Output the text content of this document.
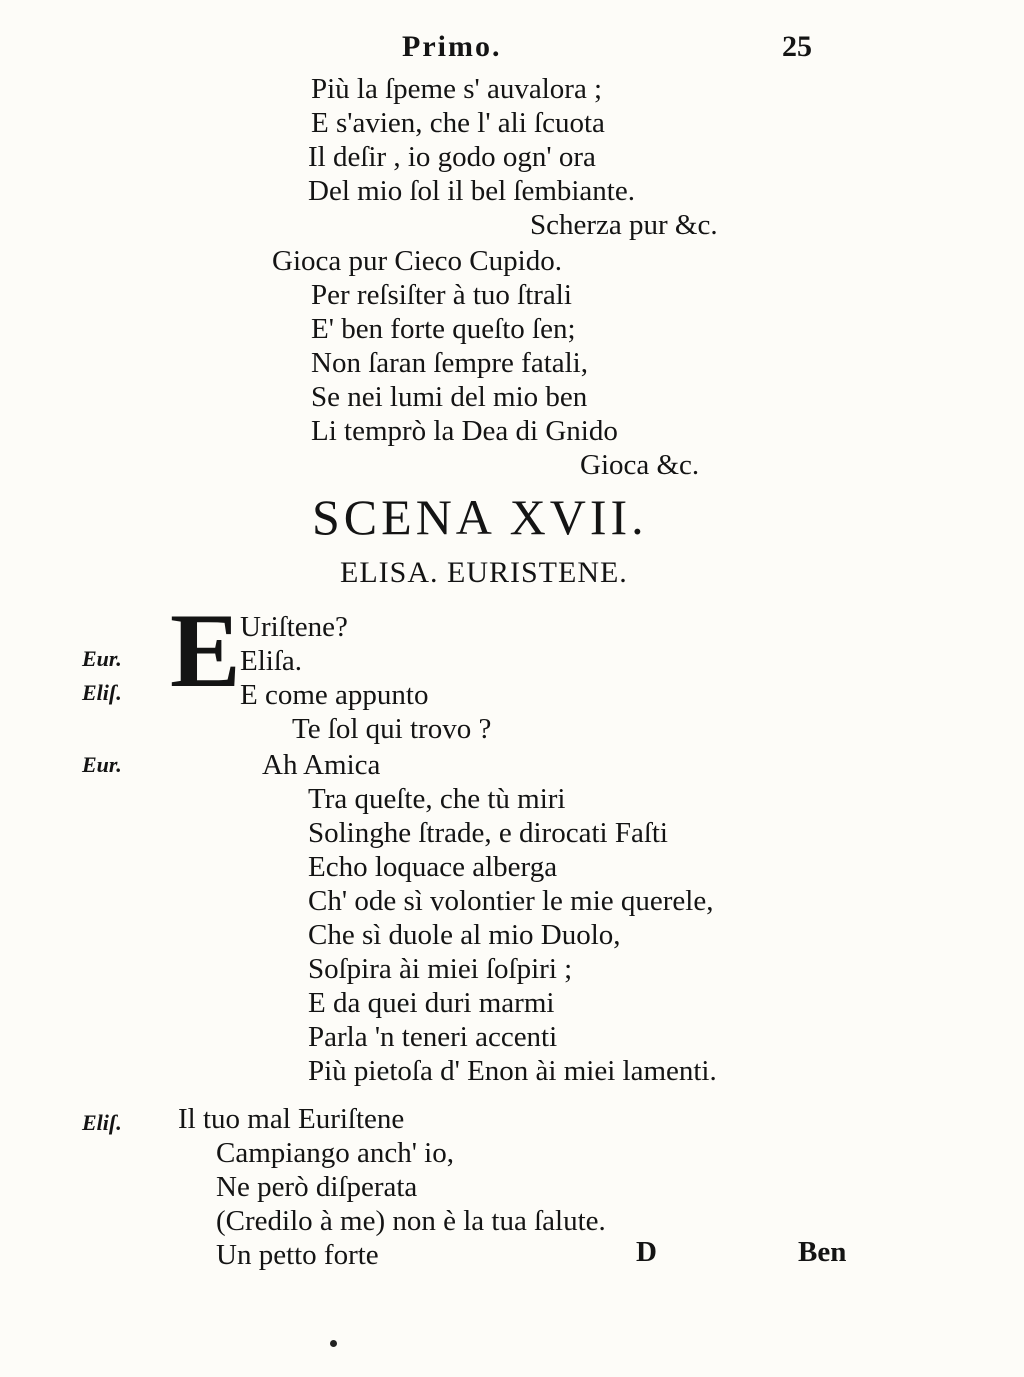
Primo.	25
Più la ſpeme s' auvalora ;
E s'avien, che l' ali ſcuota
Il deſir , io godo ogn' ora
Del mio ſol il bel ſembiante.
Scherza pur &c.
Gioca pur Cieco Cupido.
Per reſsiſter à tuo ſtrali
E' ben forte queſto ſen;
Non ſaran ſempre fatali,
Se nei lumi del mio ben
Li temprò la Dea di Gnido
Gioca &c.
SCENA XVII.
ELISA. EURISTENE.
E
Eur.
Eliſ.
Eur.
Eliſ.
Uriſtene?
Eliſa.
E come appunto
Te ſol qui trovo ?
Ah Amica
Tra queſte, che tù miri
Solinghe ſtrade, e dirocati Faſti
Echo loquace alberga
Ch' ode sì volontier le mie querele,
Che sì duole al mio Duolo,
Soſpira ài miei ſoſpiri ;
E da quei duri marmi
Parla 'n teneri accenti
Più pietoſa d' Enon ài miei lamenti.
Il tuo mal Euriſtene
Campiango anch' io,
Ne però diſperata
(Credilo à me) non è la tua ſalute.
Un petto forte	D	Ben
